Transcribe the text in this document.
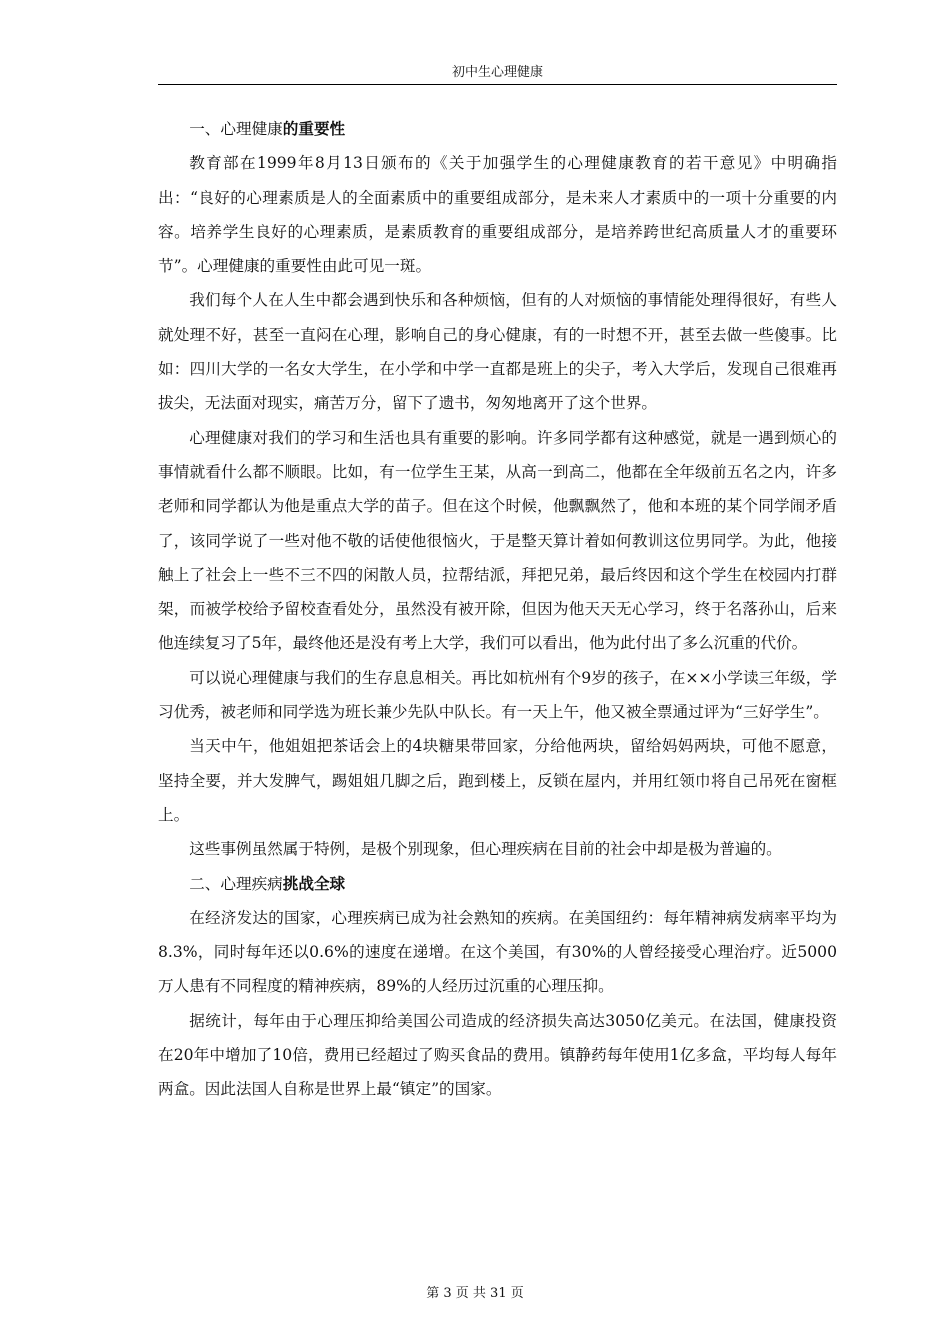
初中生心理健康

一、心理健康的重要性

教育部在1999年8月13日颁布的《关于加强学生的心理健康教育的若干意见》中明确指出：“良好的心理素质是人的全面素质中的重要组成部分，是未来人才素质中的一项十分重要的内容。培养学生良好的心理素质，是素质教育的重要组成部分，是培养跨世纪高质量人才的重要环节”。心理健康的重要性由此可见一斑。

我们每个人在人生中都会遇到快乐和各种烦恼，但有的人对烦恼的事情能处理得很好，有些人就处理不好，甚至一直闷在心理，影响自己的身心健康，有的一时想不开，甚至去做一些傻事。比如：四川大学的一名女大学生，在小学和中学一直都是班上的尖子，考入大学后，发现自己很难再拔尖，无法面对现实，痛苦万分，留下了遗书，匆匆地离开了这个世界。

心理健康对我们的学习和生活也具有重要的影响。许多同学都有这种感觉，就是一遇到烦心的事情就看什么都不顺眼。比如，有一位学生王某，从高一到高二，他都在全年级前五名之内，许多老师和同学都认为他是重点大学的苗子。但在这个时候，他飘飘然了，他和本班的某个同学闹矛盾了，该同学说了一些对他不敬的话使他很恼火，于是整天算计着如何教训这位男同学。为此，他接触上了社会上一些不三不四的闲散人员，拉帮结派，拜把兄弟，最后终因和这个学生在校园内打群架，而被学校给予留校查看处分，虽然没有被开除，但因为他天天无心学习，终于名落孙山，后来他连续复习了5年，最终他还是没有考上大学，我们可以看出，他为此付出了多么沉重的代价。

可以说心理健康与我们的生存息息相关。再比如杭州有个9岁的孩子，在××小学读三年级，学习优秀，被老师和同学选为班长兼少先队中队长。有一天上午，他又被全票通过评为“三好学生”。

当天中午，他姐姐把茶话会上的4块糖果带回家，分给他两块，留给妈妈两块，可他不愿意，坚持全要，并大发脾气，踢姐姐几脚之后，跑到楼上，反锁在屋内，并用红领巾将自己吊死在窗框上。

这些事例虽然属于特例，是极个别现象，但心理疾病在目前的社会中却是极为普遍的。

二、心理疾病挑战全球

在经济发达的国家，心理疾病已成为社会熟知的疾病。在美国纽约：每年精神病发病率平均为8.3%，同时每年还以0.6%的速度在递增。在这个美国，有30%的人曾经接受心理治疗。近5000万人患有不同程度的精神疾病，89%的人经历过沉重的心理压抑。

据统计，每年由于心理压抑给美国公司造成的经济损失高达3050亿美元。在法国，健康投资在20年中增加了10倍，费用已经超过了购买食品的费用。镇静药每年使用1亿多盒，平均每人每年两盒。因此法国人自称是世界上最“镇定”的国家。

第 3 页 共 31 页
